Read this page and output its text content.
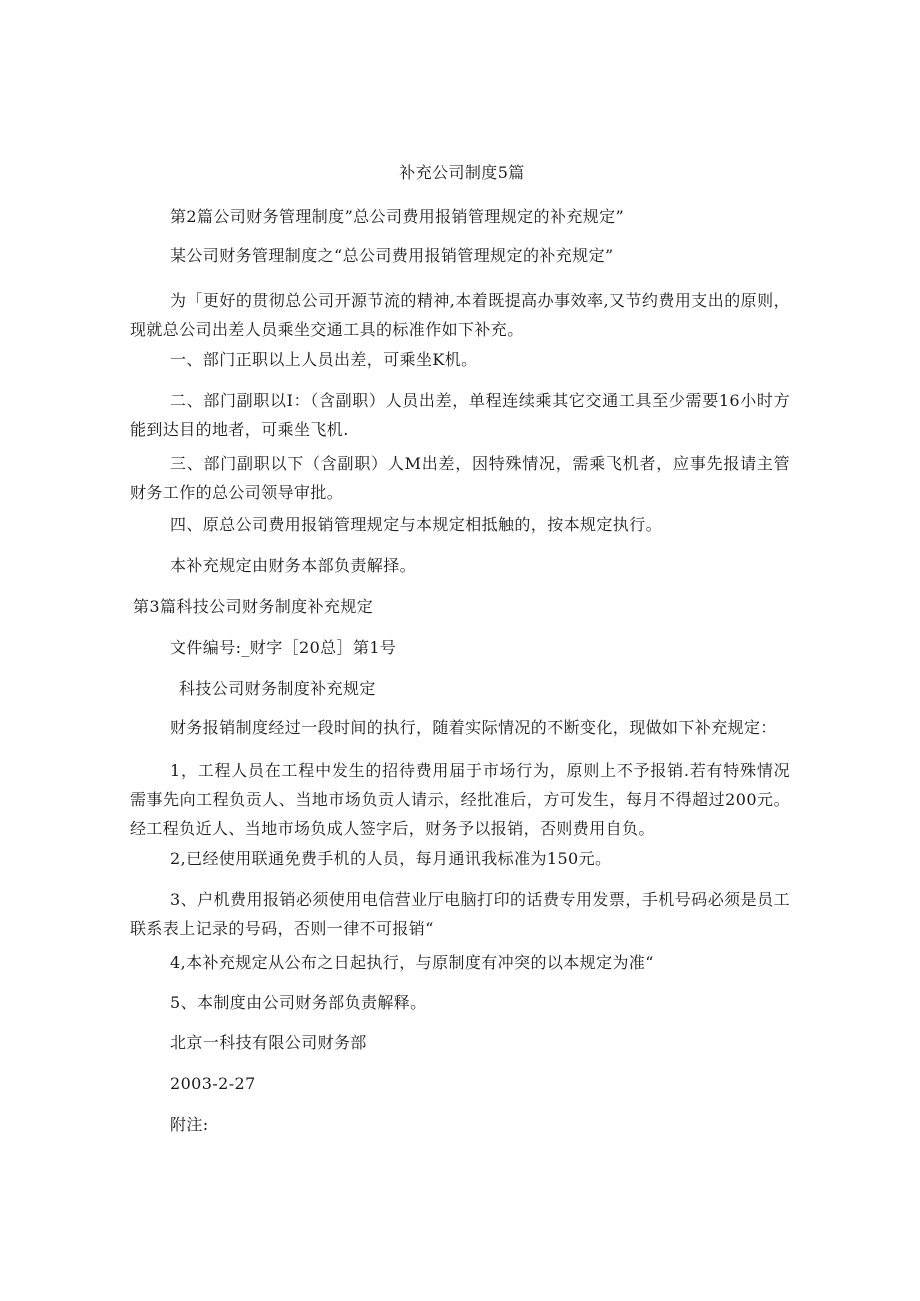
补充公司制度5篇
第2篇公司财务管理制度”总公司费用报销管理规定的补充规定”
某公司财务管理制度之“总公司费用报销管理规定的补充规定”
为「更好的贯彻总公司开源节流的精神,本着既提高办事效率,又节约费用支出的原则，现就总公司出差人员乘坐交通工具的标准作如下补充。
一、部门正职以上人员出差，可乘坐K机。
二、部门副职以I：（含副职）人员出差，单程连续乘其它交通工具至少需要16小时方能到达目的地者，可乘坐飞机.
三、部门副职以下（含副职）人M出差，因特殊情况，需乘飞机者，应事先报请主管财务工作的总公司领导审批。
四、原总公司费用报销管理规定与本规定相抵触的，按本规定执行。
本补充规定由财务本部负责解择。
第3篇科技公司财务制度补充规定
文件编号:_财字［20总］第1号
科技公司财务制度补充规定
财务报销制度经过一段时间的执行，随着实际情况的不断变化，现做如下补充规定：
1，工程人员在工程中发生的招待费用届于市场行为，原则上不予报销.若有特殊情况需事先向工程负贡人、当地市场负贡人请示，经批准后，方可发生，每月不得超过200元。经工程负近人、当地市场负成人签字后，财务予以报销，否则费用自负。
2,已经使用联通免费手机的人员，每月通讯我标准为150元。
3、户机费用报销必须使用电信营业厅电脑打印的话费专用发票，手机号码必须是员工联系表上记录的号码，否则一律不可报销“
4,本补充规定从公布之日起执行，与原制度有冲突的以本规定为准“
5、本制度由公司财务部负责解释。
北京一科技有限公司财务部
2003-2-27
附注:
